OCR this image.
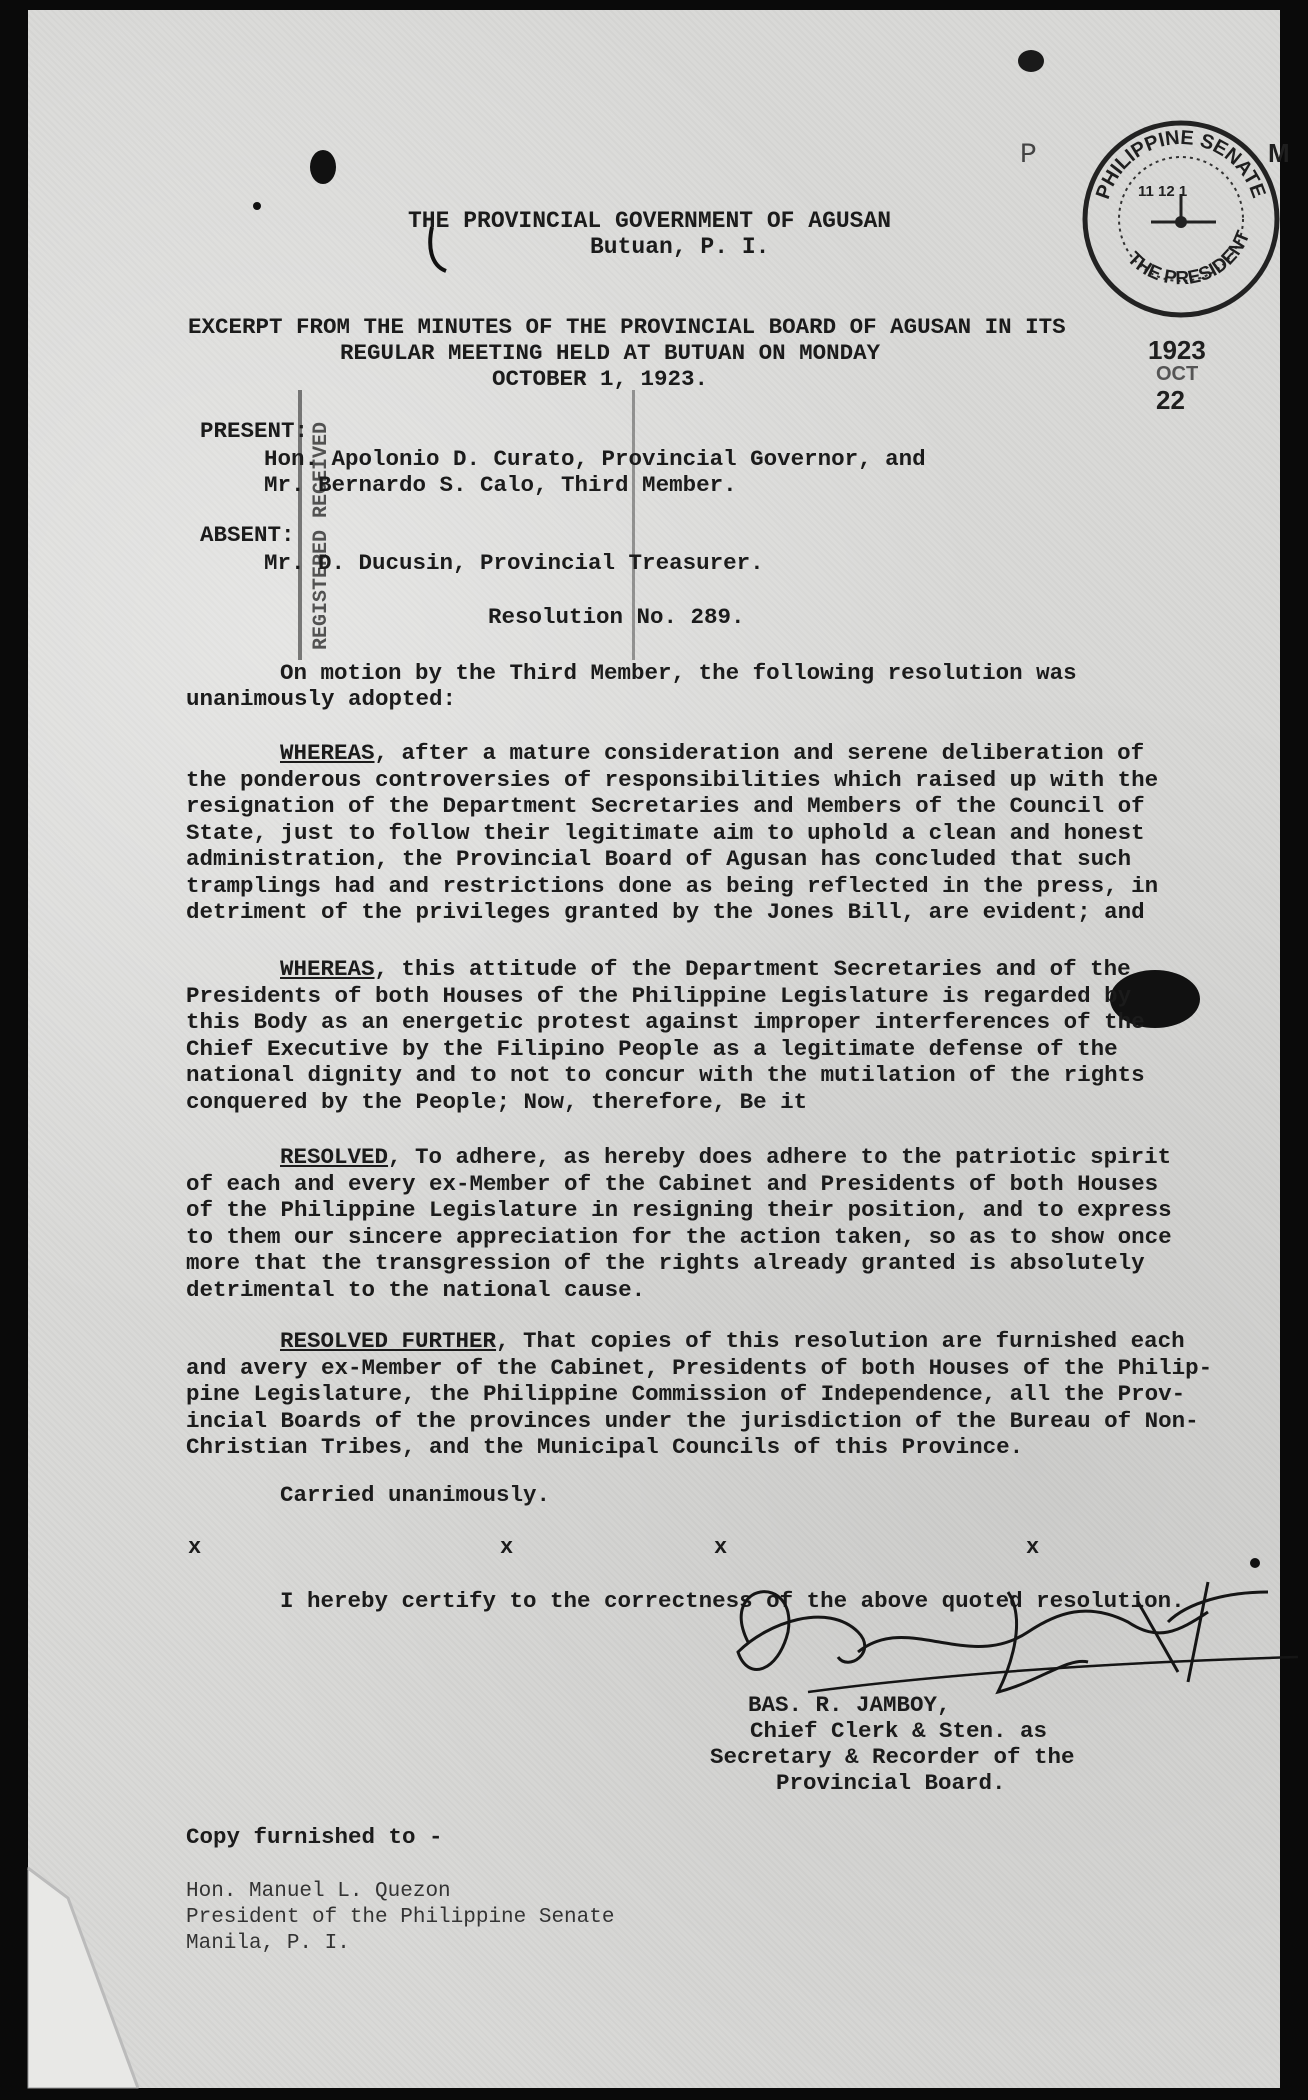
P
REGISTERED RECEIVED
PHILIPPINE SENATE
THE PRESIDENT
11 12 1
M
1923
OCT
22
THE PROVINCIAL GOVERNMENT OF AGUSAN
Butuan, P. I.
EXCERPT FROM THE MINUTES OF THE PROVINCIAL BOARD OF AGUSAN IN ITS
REGULAR MEETING HELD AT BUTUAN ON MONDAY
OCTOBER 1, 1923.
PRESENT:
Hon. Apolonio D. Curato, Provincial Governor, and
Mr. Bernardo S. Calo, Third Member.
ABSENT:
Mr. D. Ducusin, Provincial Treasurer.
Resolution No. 289.
On motion by the Third Member, the following resolution was
unanimously adopted:
WHEREAS, after a mature consideration and serene deliberation of
the ponderous controversies of responsibilities which raised up with the
resignation of the Department Secretaries and Members of the Council of
State, just to follow their legitimate aim to uphold a clean and honest
administration, the Provincial Board of Agusan has concluded that such
tramplings had and restrictions done as being reflected in the press, in
detriment of the privileges granted by the Jones Bill, are evident; and
WHEREAS, this attitude of the Department Secretaries and of the
Presidents of both Houses of the Philippine Legislature is regarded by
this Body as an energetic protest against improper interferences of the
Chief Executive by the Filipino People as a legitimate defense of the
national dignity and to not to concur with the mutilation of the rights
conquered by the People; Now, therefore, Be it
RESOLVED, To adhere, as hereby does adhere to the patriotic spirit
of each and every ex-Member of the Cabinet and Presidents of both Houses
of the Philippine Legislature in resigning their position, and to express
to them our sincere appreciation for the action taken, so as to show once
more that the transgression of the rights already granted is absolutely
detrimental to the national cause.
RESOLVED FURTHER, That copies of this resolution are furnished each
and avery ex-Member of the Cabinet, Presidents of both Houses of the Philip-
pine Legislature, the Philippine Commission of Independence, all the Prov-
incial Boards of the provinces under the jurisdiction of the Bureau of Non-
Christian Tribes, and the Municipal Councils of this Province.
Carried unanimously.
x	x	x	x
I hereby certify to the correctness of the above quoted resolution.
BAS. R. JAMBOY,
Chief Clerk & Sten. as
Secretary & Recorder of the
Provincial Board.
Copy furnished to -
Hon. Manuel L. Quezon
President of the Philippine Senate
Manila, P. I.
